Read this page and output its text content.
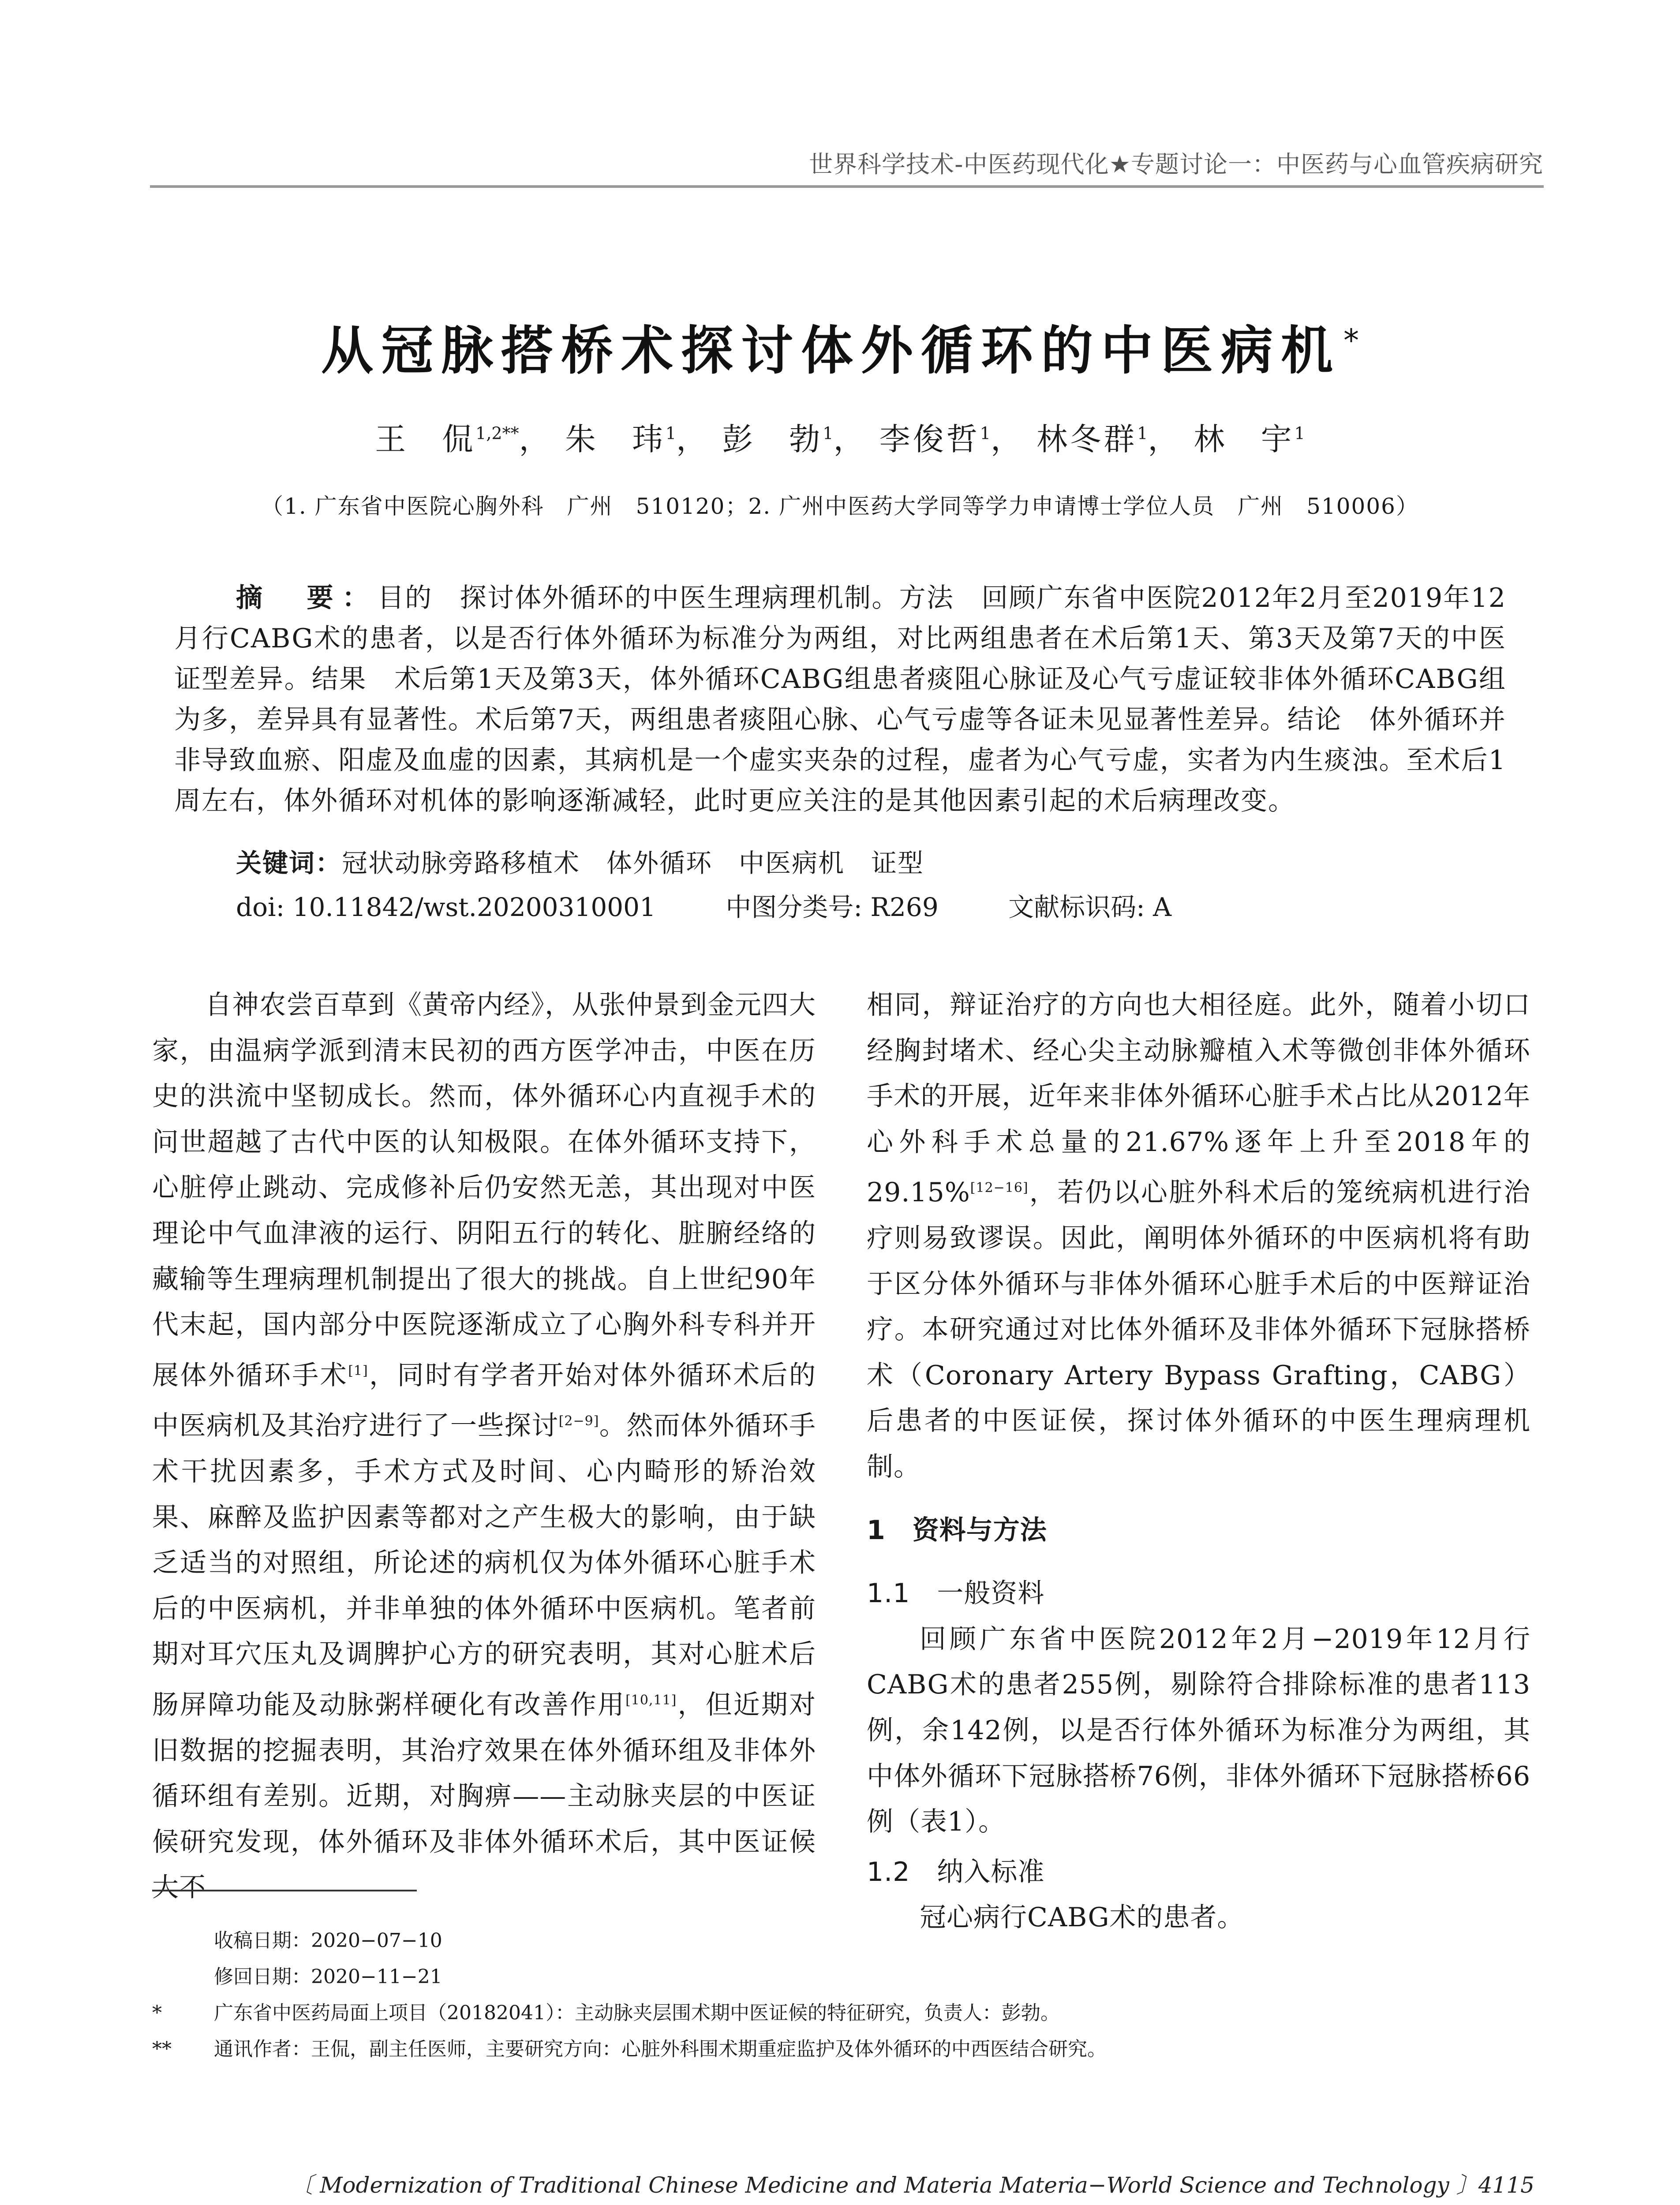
世界科学技术-中医药现代化★专题讨论一：中医药与心血管疾病研究
从冠脉搭桥术探讨体外循环的中医病机*
王　侃$^{1,2**}$， 朱　玮$^1$， 彭　勃$^1$， 李俊哲$^1$， 林冬群$^1$， 林　宇$^1$
（1. 广东省中医院心胸外科　广州　510120；2. 广州中医药大学同等学力申请博士学位人员　广州　510006）
摘　要：目的　探讨体外循环的中医生理病理机制。方法　回顾广东省中医院2012年2月至2019年12月行CABG术的患者，以是否行体外循环为标准分为两组，对比两组患者在术后第1天、第3天及第7天的中医证型差异。结果　术后第1天及第3天，体外循环CABG组患者痰阻心脉证及心气亏虚证较非体外循环CABG组为多，差异具有显著性。术后第7天，两组患者痰阻心脉、心气亏虚等各证未见显著性差异。结论　体外循环并非导致血瘀、阳虚及血虚的因素，其病机是一个虚实夹杂的过程，虚者为心气亏虚，实者为内生痰浊。至术后1周左右，体外循环对机体的影响逐渐减轻，此时更应关注的是其他因素引起的术后病理改变。
关键词：冠状动脉旁路移植术　体外循环　中医病机　证型
doi: 10.11842/wst.20200310001	中图分类号: R269	文献标识码: A

自神农尝百草到《黄帝内经》，从张仲景到金元四大家，由温病学派到清末民初的西方医学冲击，中医在历史的洪流中坚韧成长。然而，体外循环心内直视手术的问世超越了古代中医的认知极限。在体外循环支持下，心脏停止跳动、完成修补后仍安然无恙，其出现对中医理论中气血津液的运行、阴阳五行的转化、脏腑经络的藏输等生理病理机制提出了很大的挑战。自上世纪90年代末起，国内部分中医院逐渐成立了心胸外科专科并开展体外循环手术[1]，同时有学者开始对体外循环术后的中医病机及其治疗进行了一些探讨[2−9]。然而体外循环手术干扰因素多，手术方式及时间、心内畸形的矫治效果、麻醉及监护因素等都对之产生极大的影响，由于缺乏适当的对照组，所论述的病机仅为体外循环心脏手术后的中医病机，并非单独的体外循环中医病机。笔者前期对耳穴压丸及调脾护心方的研究表明，其对心脏术后肠屏障功能及动脉粥样硬化有改善作用[10,11]，但近期对旧数据的挖掘表明，其治疗效果在体外循环组及非体外循环组有差别。近期，对胸痹——主动脉夹层的中医证候研究发现，体外循环及非体外循环术后，其中医证候大不

相同，辩证治疗的方向也大相径庭。此外，随着小切口经胸封堵术、经心尖主动脉瓣植入术等微创非体外循环手术的开展，近年来非体外循环心脏手术占比从2012年心外科手术总量的21.67%逐年上升至2018年的29.15%[12−16]，若仍以心脏外科术后的笼统病机进行治疗则易致谬误。因此，阐明体外循环的中医病机将有助于区分体外循环与非体外循环心脏手术后的中医辩证治疗。本研究通过对比体外循环及非体外循环下冠脉搭桥术（Coronary Artery Bypass Grafting，CABG）后患者的中医证侯，探讨体外循环的中医生理病理机制。

1　资料与方法
1.1　一般资料

回顾广东省中医院2012年2月−2019年12月行CABG术的患者255例，剔除符合排除标准的患者113例，余142例，以是否行体外循环为标准分为两组，其中体外循环下冠脉搭桥76例，非体外循环下冠脉搭桥66例（表1）。

1.2　纳入标准

冠心病行CABG术的患者。

收稿日期：2020−07−10
修回日期：2020−11−21
*	广东省中医药局面上项目（20182041）：主动脉夹层围术期中医证候的特征研究，负责人：彭勃。
**	通讯作者：王侃，副主任医师，主要研究方向：心脏外科围术期重症监护及体外循环的中西医结合研究。
〔 Modernization of Traditional Chinese Medicine and Materia Materia−World Science and Technology 〕4115
